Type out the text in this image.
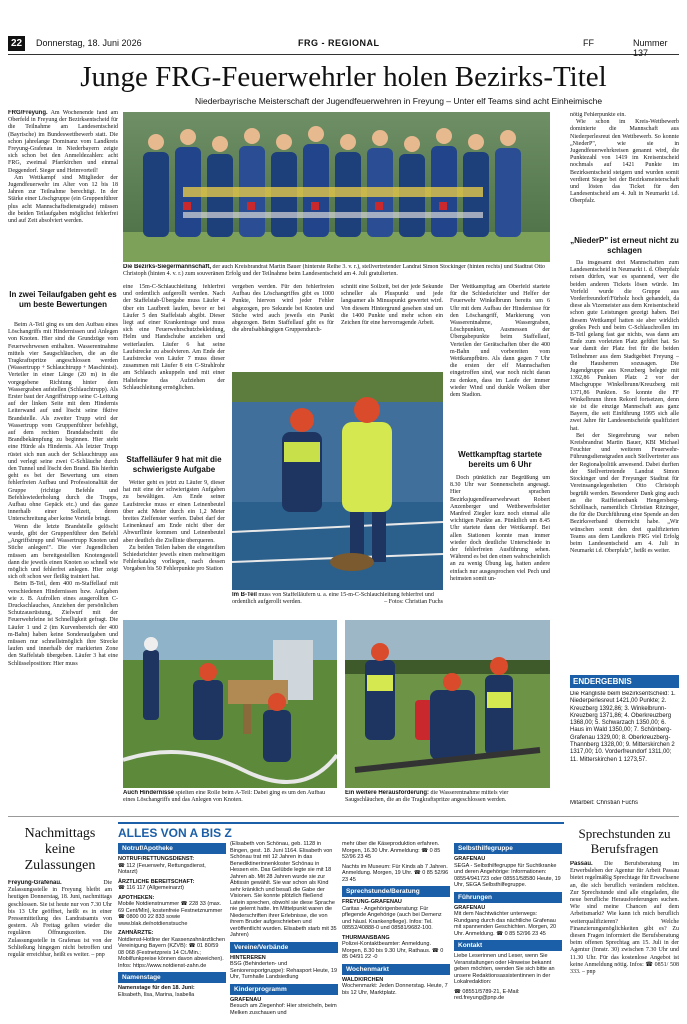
22	Donnerstag, 18. Juni 2026	FRG - REGIONAL	FF	Nummer 137
Junge FRG-Feuerwehrler holen Bezirks-Titel
Niederbayrische Meisterschaft der Jugendfeuerwehren in Freyung – Unter elf Teams sind acht Einheimische
FRG/Freyung. Am Wochenende fand am Oberfeld in Freyung der Bezirksentscheid für die Teilnahme am Landesentscheid (Bayrische) im Bundeswettbewerb statt. Die schon jahrelange Dominanz vom Landkreis Freyung-Grafenau in Niederbayern zeigte sich schon bei den Anmeldezahlen: acht FRG, zweimal Pfarrkirchen und einmal Deggendorf. Sieger und Heimvorteil!
Am Wettkampf sind Mitglieder der Jugendfeuerwehr im Alter von 12 bis 18 Jahren zur Teilnahme berechtigt. In der Stärke einer Löschgruppe (ein Gruppenführer plus acht Mannschaftsdienstgrade) müssen die beiden Teilaufgaben möglichst fehlerfrei und auf Zeit absolviert werden.
In zwei Teilaufgaben geht es um beste Bewertungen
Beim A-Teil ging es um den Aufbau eines Löschangriffs mit Hindernissen und Anlegen von Knoten. Hier sind die Grundzüge vom Feuerwehrwesen enthalten. Wasserentnahme mittels vier Saugschläuchen, die an die Tragkraftspritze angeschlossen werden (Wassertrupp + Schlauchtrupp + Maschinist). Verteiler in einer Länge (20 m) in die vorgegebene Richtung hinter dem Wassergraben aufstellen (Schlauchtrupp). Als Erster baut der Angriffstrupp seine C-Leitung auf der linken Seite mit dem Hindernis Leiterwand auf und löscht seine fiktive Brandstelle. Als zweiter Trupp wird der Wassertrupp vom Gruppenführer befehligt, auf dem rechten Brandabschnitt die Brandbekämpfung zu beginnen. Hier steht eine Hürde als Hindernis. Als letzter Trupp rüstet sich nun auch der Schlauchtrupp aus und verlegt seine zwei C-Schläuche durch den Tunnel und löscht den Brand. Bis hierhin geht es bei der Bewertung um einen fehlerfreien Aufbau und Professionalität der Gruppe (richtige Befehle und Befehlswiederholung durch die Trupps, Aufbau ohne Gepäck etc.) und das ganze innerhalb einer Sollzeit, deren Unterschreitung aber keine Vorteile bringt.
Wenn die letzte Brandstelle gelöscht wurde, gibt der Gruppenführer den Befehl „Angriffstrupp und Wassertrupp Knoten und Stiche anlegen!". Die vier Jugendlichen müssen am bereitgestellten Knotengestell dann die jeweils einen Knoten so schnell wie möglich und fehlerfrei anlegen. Hier zeigt sich oft schon wer fleißig trainiert hat.
Beim B-Teil, dem 400 m-Staffellauf mit verschiedenen Hindernissen bzw. Aufgaben wie z. B. Aufrollen eines ausgerollten C-Druckschlauches, Anziehen der persönlichen Schutzausrüstung, Zielwurf mit der Feuerwehrleine ist Schnelligkeit gefragt. Die Läufer 1 und 2 (im Kurvenbereich der 400 m-Bahn) haben keine Sonderaufgaben und müssen nur schnellstmöglich ihre Strecke laufen und innerhalb der markierten Zone den Staffelstab übergeben. Läufer 3 hat eine Schlüsselposition: Hier muss
Die Bezirks-Siegermannschaft, der auch Kreisbrandrat Martin Bauer (hinterste Reihe 3. v. r.), stellvertretender Landrat Simon Stockinger (hinten rechts) und Stadtrat Otto Christoph (hinten 4. v. r.) zum souveränen Erfolg und der Teilnahme beim Landesentscheid am 4. Juli gratulierten.
eine 15m-C-Schlauchleitung fehlerfrei und ordentlich aufgerollt werden. Nach der Staffelstab-Übergabe muss Läufer 4 über ein Laufbrett laufen, bevor er bei Läufer 5 den Staffelstab abgibt. Dieser liegt auf einer Krankentrage und muss sich eine Feuerwehrschutzbekleidung, Helm und Handschuhe anziehen und weiterlaufen. Läufer 6 hat seine Laufstrecke zu absolvieren. Am Ende der Laufstrecke von Läufer 7 muss dieser zusammen mit Läufer 8 ein C-Strahlrohr am Schlauch ankuppeln und mit einer Halteleine das Aufziehen der Schlauchleitung ermöglichen.
Staffelläufer 9 hat mit die schwierigste Aufgabe
Weiter geht es jetzt zu Läufer 9, dieser hat mit eine der schwierigsten Aufgaben zu bewältigen. Am Ende seiner Laufstrecke muss er einen Leinenbeutel über acht Meter durch ein 1,2 Meter breites Zielfenster werfen. Dabei darf der Leinenknauf am Ende nicht über der Abwurflinie kommen und Leinenbeutel aber deutlich die Ziellinie überqueren.
Zu beiden Teilen haben die eingeteilten Schiedsrichter jeweils einen mehrseitigen Fehlerkatalog vorliegen, nach dessen Vorgaben bis 50 Fehlerpunkte pro Station
vergeben werden. Für den fehlerfreien Aufbau des Löschangriffes gibt es 1000 Punkte, hiervon wird jeder Fehler abgezogen, pro Sekunde bei Knoten und Stiche wird auch jeweils ein Punkt abgezogen. Beim Staffellauf gibt es für die abrufsabhängigen Gruppendurch-
schnitt eine Sollzeit, bei der jede Sekunde schneller als Pluspunkt und jede langsamer als Minuspunkt gewertet wird. Von diesem Hintergrund gesehen sind um die 1400 Punkte und mehr schon ein Zeichen für eine hervorragende Arbeit.
Im B-Teil muss von Staffelläufern u. a. eine 15-m-C-Schlauchleitung fehlerfrei und ordentlich aufgerollt werden.	– Fotos: Christian Fuchs
Der Wettkampftag am Oberfeld startete für die Schiedsrichter und Helfer der Feuerwehr Winkelbrunn bereits um 6 Uhr mit dem Aufbau der Hindernisse für den Löschangriff, Markierung von Wasserentnahme, Wassergraben, Löschpunkten, Ausmessen der Übergabepunkte beim Staffellauf, Verteilen der Gerätschaften über die 400 m-Bahn und vorbereiten vom Wettkampfbüro. Als dann gegen 7 Uhr die ersten der elf Mannschaften eingetroffen sind, war noch nicht daran zu denken, dass im Laufe der immer wieder Wind und dunkle Wolken über dem Stadion.
Wettkampftag startete bereits um 6 Uhr
Doch pünktlich zur Begrüßung um 8.30 Uhr war Sonnenschein angesagt. Hier sprachen Bezirksjugendfeuerwehrwart Robert Anzenberger und Wettbewerbsleiter Manfred Ziegler kurz noch einmal alle wichtigen Punkte an. Pünktlich um 8.45 Uhr startete dann der Wettkampf. Bei allen Stationen konnte man immer wieder doch deutliche Unterschiede in der fehlerfreien Ausführung sehen. Während es bei den einen wahrscheinlich an zu wenig Übung lag, hatten andere einfach nur ausgesprochen viel Pech und heimsten somit un-
nötig Fehlerpunkte ein.
Wie schon im Kreis-Wettbewerb dominierte die Mannschaft aus Niederperlesreut den Wettbewerb. So konnte „NiederP", wie sie in Jugendfeuerwehrkreisen genannt wird, die Punktezahl von 1419 im Kreisentscheid nochmals auf 1421 Punkte im Bezirksentscheid steigern und wurden somit verdient Sieger bei der Bezirksmeisterschaft und lösten das Ticket für den Landesentscheid am 4. Juli in Neumarkt i.d. Oberpfalz.
„NiederP" ist erneut nicht zu schlagen
Da insgesamt drei Mannschaften zum Landesentscheid in Neumarkt i. d. Oberpfalz reisen dürfen, war es spannend, wer die beiden anderen Tickets lösen würde. Im Vorfeld wurde die Gruppe aus Vorderfreundorf/Fürholz hoch gehandelt, da diese als Vizemeister aus dem Kreisentscheid schon gute Leistungen gezeigt haben. Bei diesem Wettkampf hatten sie aber wirklich großes Pech und beim C-Schlauchrollen im B-Teil gelang fast gar nichts, was dann am Ende zum vorletzten Platz geführt hat. So war damit der Platz frei für die beiden Teilnehmer aus dem Stadtgebiet Freyung – die Hausherren sozusagen. Die Jugendgruppe aus Kreuzberg belegte mit 1392,86 Punkten Platz 2 vor der Mischgruppe Winkelbrunn/Kreuzberg mit 1371,86 Punkten. So konnte die FF Winkelbrunn ihren Rekord fortsetzen, denn sie ist die einzige Mannschaft aus ganz Bayern, die seit Einführung 1995 sich alle zwei Jahre für Landesentscheide qualifiziert hat.
Bei der Siegerehrung war neben Kreisbrandrat Martin Bauer, KBI Michael Feuchter und weiteren Feuerwehr-Führungsdienstgraden auch Stellvertreter aus der Regionalpolitik anwesend. Dabei durften der Stellvertretende Landrat Simon Stockinger und der Freyunger Stadtrat für Vereinsangelegenheiten Otto Christoph begrüßt werden. Besonderer Dank ging auch an die Raiffeisenbank Hengersberg-Schöllnach, namentlich Christian Ritzinger, die für die Durchführung eine Spende an den Bezirksverband überreicht habe. „Wir wünschen somit den drei qualifizierten Teams aus dem Landkreis FRG viel Erfolg beim Landesentscheid am 4. Juli in Neumarkt i.d. Oberpfalz", heißt es weiter.
ENDERGEBNIS
Die Rangliste beim Bezirksentscheid: 1. Niederperlesreut 1421,00 Punkte; 2. Kreuzberg 1392,86; 3. Winkelbrunn-Kreuzberg 1371,86; 4. Oberkreuzberg 1368,00; 5. Schwarzach 1350,00; 6. Haus im Wald 1350,00; 7. Schönberg-Grafenau 1329,00; 8. Oberkreuzberg-Thannberg 1328,00; 9. Mitterskirchen 2 1317,00; 10. Vorderfreundorf 1311,00; 11. Mitterskirchen 1 1273,57.
Mitarbeit: Christian Fuchs
Auch Hindernisse spielten eine Rolle beim A-Teil: Dabei ging es um den Aufbau eines Löschangriffs und das Anlegen von Knoten.
Ein weitere Herausforderung: die Wasserentnahme mittels vier Saugschläuchen, die an die Tragkraftspritze angeschlossen werden.
Nachmittags keine Zulassungen
Freyung-Grafenau. Die Zulassungsstelle in Freyung bleibt am heutigen Donnerstag, 18. Juni, nachmittags geschlossen. Sie ist heute nur von 7.30 Uhr bis 13 Uhr geöffnet, heißt es in einer Pressemitteilung des Landratsamts von gestern. Ab Freitag gelten wieder die regulären Öffnungszeiten. Die Zulassungsstelle in Grafenau ist von der Schließung hingegen nicht betroffen und regulär erreichbar, heißt es weiter. – pnp
ALLES VON A BIS Z
Notruf/Apotheke
NOTRUF/RETTUNGSDIENST:
☎ 112 (Feuerwehr, Rettungsdienst, Notarzt)
ÄRZTLICHE BEREITSCHAFT:
☎ 116 117 (Allgemeinarzt)
APOTHEKEN:
Mobile Notdienstnummer ☎ 228 33 (max. 69 Cent/Min), kostenfreie Festnetznummer ☎ 0800 00 22 833 sowie www.blak.de/notdienstsuche
ZAHNÄRZTE:
Notdienst-Hotline der Kassenzahnärztlichen Vereinigung Bayern (KZVB): ☎ 01 80/59 08 068 (Festnetzpreis 14 Ct./Min.; Mobilfunkpreise können davon abweichen). Infos: https://www.notdienst-zahn.de
Namenstage
Namenstage für den 18. Juni:
Elisabeth, Ilsa, Marina, Isabella
(Elisabeth von Schönau, geb. 1128 in Bingen, gest. 18. Juni 1164. Elisabeth von Schönau trat mit 12 Jahren in das Benediktinerinnenkloster Schönau in Hessen ein. Das Gelübde legte sie mit 18 Jahren ab. Mit 28 Jahren wurde sie zur Äbtissin gewählt. Sie war schon als Kind sehr kränklich und besaß die Gabe der Visionen. Sie konnte plötzlich fließend Latein sprechen, obwohl sie diese Sprache nie gelernt hatte. Im Mittelpunkt waren die Niederschriften ihrer Erlebnisse, die von ihrem Bruder aufgeschrieben und veröffentlicht wurden. Elisabeth starb mit 35 Jahren)
Vereine/Verbände
HINTEREREN
BSG (Behinderten- und Seniorensportgruppe): Rehasport Heute, 19 Uhr, Turnhalle Landsiedlung
Kinderprogramm
GRAFENAU
Besuch am Ziegenhof: Hier streicheln, beim Melken zuschauen und
mehr über die Käseproduktion erfahren. Morgen, 16.30 Uhr. Anmeldung: ☎ 0 85 52/96 23 45
Nachts im Museum: Für Kinds ab 7 Jahren. Anmeldung. Morgen, 19 Uhr. ☎ 0 85 52/96 23 45
Sprechstunde/Beratung
FREYUNG-GRAFENAU
Caritas - Angehörigenberatung: Für pflegende Angehörige (auch bei Demenz und häusl. Krankenpflege). Infos: Tel. 08552/40888-0 und 08581/9682-100.
THURMANSBANG
Polizei-Kontaktbeamter: Anmeldung. Morgen, 8.30 bis 9.30 Uhr, Rathaus. ☎ 0 85 04/91 22 -0
Wochenmarkt
WALDKIRCHEN
Wochenmarkt: Jeden Donnerstag. Heute, 7 bis 12 Uhr, Marktplatz.
Selbsthilfegruppe
GRAFENAU
SEGA - Selbsthilfegruppe für Suchtkranke und deren Angehörige: Informationen: 08554/941723 oder 08551/58580 Heute, 19 Uhr, SEGA Selbsthilfegruppe.
Führungen
GRAFENAU
Mit dem Nachtwächter unterwegs: Rundgang durch das nächtliche Grafenau mit spannenden Geschichten. Morgen, 20 Uhr. Anmeldung. ☎ 0 85 52/96 23 45
Kontakt
Liebe Leserinnen und Leser, wenn Sie Veranstaltungen oder Hinweise bekannt geben möchten, wenden Sie sich bitte an unsere Redaktionsassistentinnen in der Lokalredaktion:
☎ 08551/5789-21, E-Mail: red.freyung@pnp.de
Sprechstunden zu Berufsfragen
Passau. Die Berufsberatung im Erwerbsleben der Agentur für Arbeit Passau bietet regelmäßig Sprechtage für Erwachsene an, die sich beruflich verändern möchten. Zur Sprechstunde sind alle eingeladen, die neue berufliche Herausforderungen suchen. Wie sind meine Chancen auf dem Arbeitsmarkt? Wie kann ich mich beruflich weiterqualifizieren? Welche Finanzierungsmöglichkeiten gibt es? Zu diesen Fragen informiert die Berufsberatung beim offenen Sprechtag am 15. Juli in der Agentur (Innstr. 30) zwischen 7.30 Uhr und 11.30 Uhr. Für das kostenlose Angebot ist keine Anmeldung nötig. Infos: ☎ 0851/ 508 333. – pnp
